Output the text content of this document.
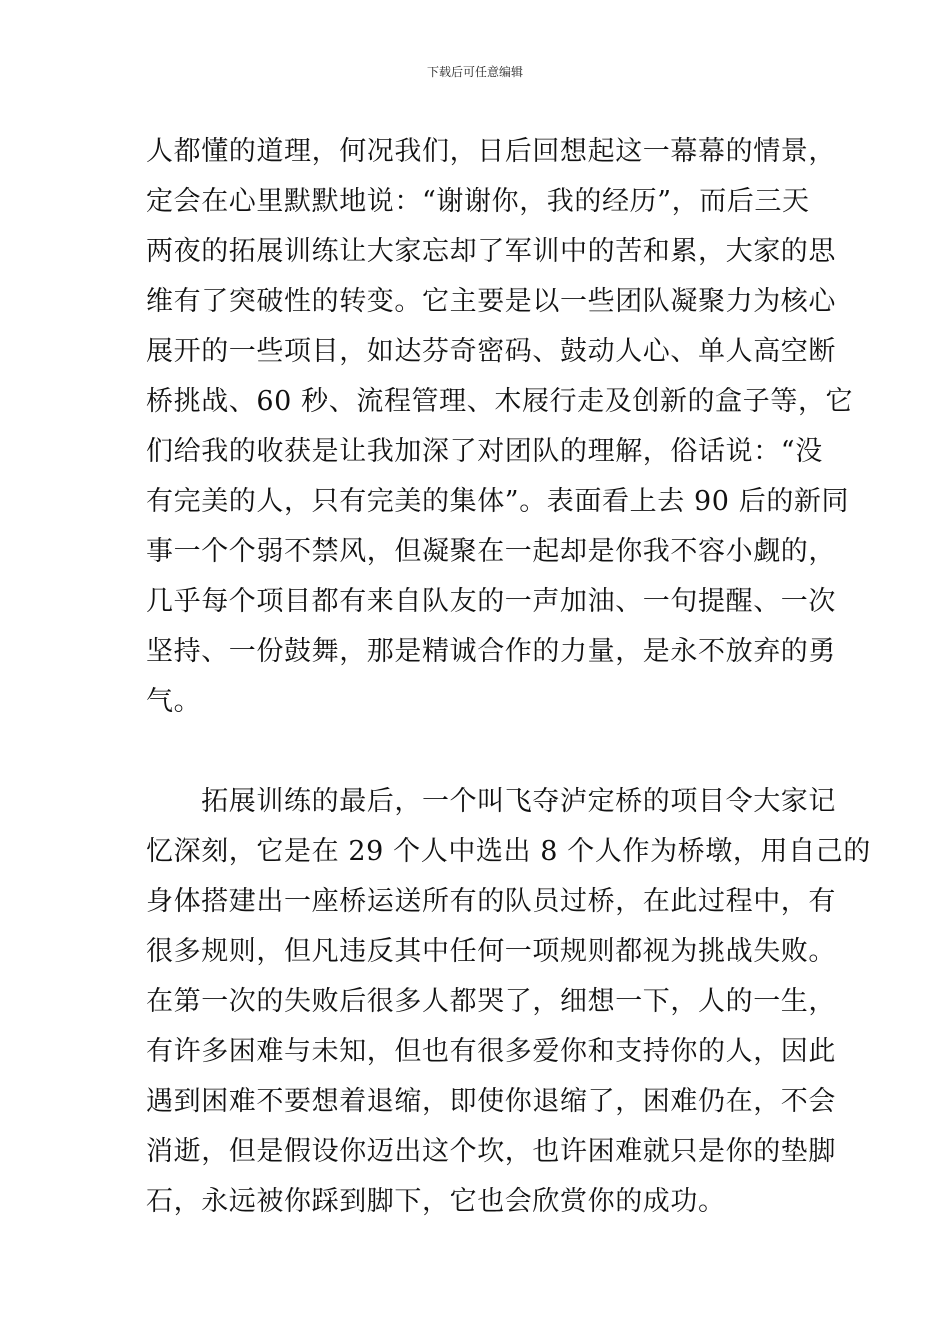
下载后可任意编辑
人都懂的道理，何况我们，日后回想起这一幕幕的情景，
定会在心里默默地说：“谢谢你，我的经历”，而后三天
两夜的拓展训练让大家忘却了军训中的苦和累，大家的思
维有了突破性的转变。它主要是以一些团队凝聚力为核心
展开的一些项目，如达芬奇密码、鼓动人心、单人高空断
桥挑战、60 秒、流程管理、木屐行走及创新的盒子等，它
们给我的收获是让我加深了对团队的理解，俗话说：“没
有完美的人，只有完美的集体”。表面看上去 90 后的新同
事一个个弱不禁风，但凝聚在一起却是你我不容小觑的，
几乎每个项目都有来自队友的一声加油、一句提醒、一次
坚持、一份鼓舞，那是精诚合作的力量，是永不放弃的勇
气。
　　拓展训练的最后，一个叫飞夺泸定桥的项目令大家记
忆深刻，它是在 29 个人中选出 8 个人作为桥墩，用自己的
身体搭建出一座桥运送所有的队员过桥，在此过程中，有
很多规则，但凡违反其中任何一项规则都视为挑战失败。
在第一次的失败后很多人都哭了，细想一下，人的一生，
有许多困难与未知，但也有很多爱你和支持你的人，因此
遇到困难不要想着退缩，即使你退缩了，困难仍在，不会
消逝，但是假设你迈出这个坎，也许困难就只是你的垫脚
石，永远被你踩到脚下，它也会欣赏你的成功。
